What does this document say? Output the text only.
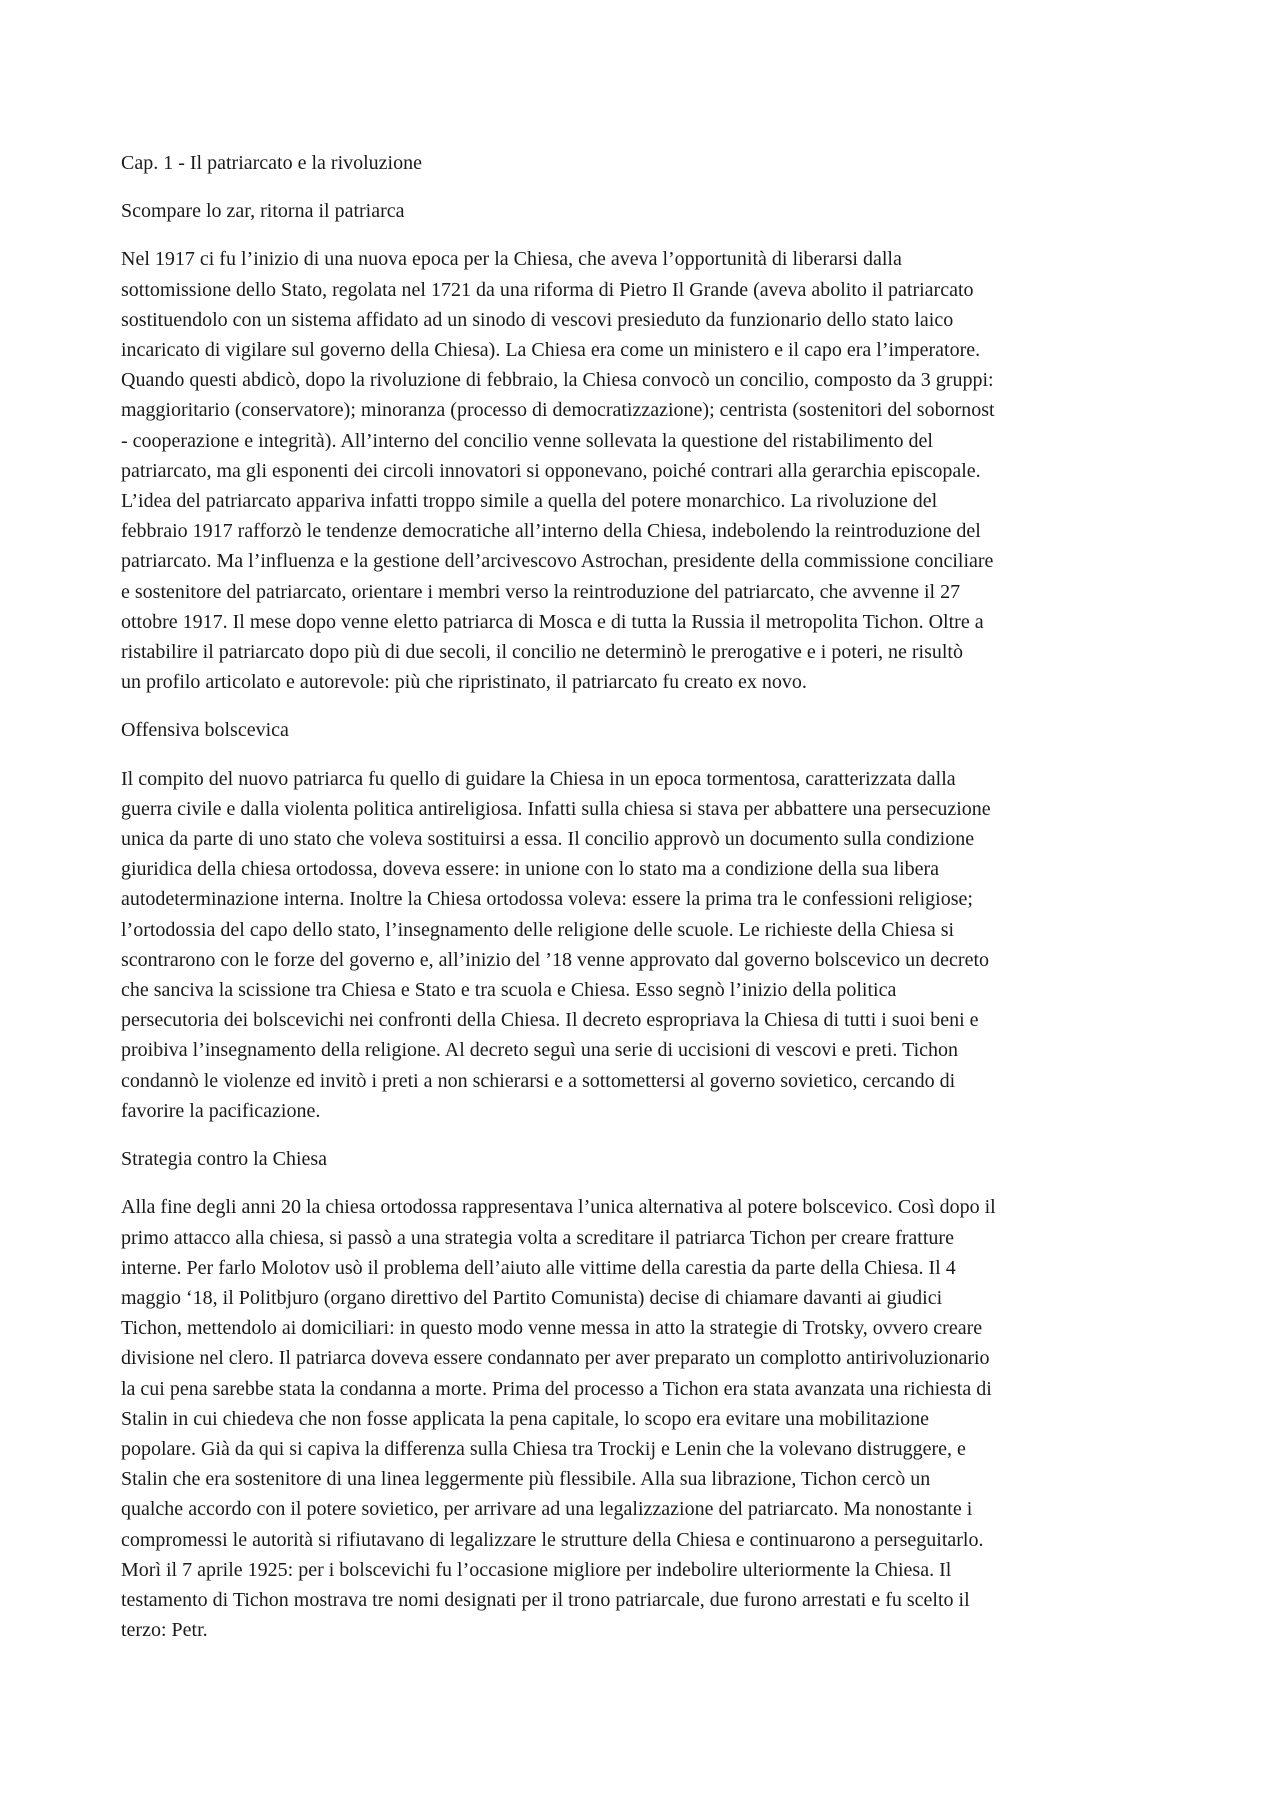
Cap. 1 - Il patriarcato e la rivoluzione
Scompare lo zar, ritorna il patriarca
Nel 1917 ci fu l’inizio di una nuova epoca per la Chiesa, che aveva l’opportunità di liberarsi dalla
sottomissione dello Stato, regolata nel 1721 da una riforma di Pietro Il Grande (aveva abolito il patriarcato
sostituendolo con un sistema affidato ad un sinodo di vescovi presieduto da funzionario dello stato laico
incaricato di vigilare sul governo della Chiesa). La Chiesa era come un ministero e il capo era l’imperatore.
Quando questi abdicò, dopo la rivoluzione di febbraio, la Chiesa convocò un concilio, composto da 3 gruppi:
maggioritario (conservatore); minoranza (processo di democratizzazione); centrista (sostenitori del sobornost
- cooperazione e integrità). All’interno del concilio venne sollevata la questione del ristabilimento del
patriarcato, ma gli esponenti dei circoli innovatori si opponevano, poiché contrari alla gerarchia episcopale.
L’idea del patriarcato appariva infatti troppo simile a quella del potere monarchico. La rivoluzione del
febbraio 1917 rafforzò le tendenze democratiche all’interno della Chiesa, indebolendo la reintroduzione del
patriarcato. Ma l’influenza e la gestione dell’arcivescovo Astrochan, presidente della commissione conciliare
e sostenitore del patriarcato, orientare i membri verso la reintroduzione del patriarcato, che avvenne il 27
ottobre 1917. Il mese dopo venne eletto patriarca di Mosca e di tutta la Russia il metropolita Tichon. Oltre a
ristabilire il patriarcato dopo più di due secoli, il concilio ne determinò le prerogative e i poteri, ne risultò
un profilo articolato e autorevole: più che ripristinato, il patriarcato fu creato ex novo.
Offensiva bolscevica
Il compito del nuovo patriarca fu quello di guidare la Chiesa in un epoca tormentosa, caratterizzata dalla
guerra civile e dalla violenta politica antireligiosa. Infatti sulla chiesa si stava per abbattere una persecuzione
unica da parte di uno stato che voleva sostituirsi a essa. Il concilio approvò un documento sulla condizione
giuridica della chiesa ortodossa, doveva essere: in unione con lo stato ma a condizione della sua libera
autodeterminazione interna. Inoltre la Chiesa ortodossa voleva: essere la prima tra le confessioni religiose;
l’ortodossia del capo dello stato, l’insegnamento delle religione delle scuole. Le richieste della Chiesa si
scontrarono con le forze del governo e, all’inizio del ’18 venne approvato dal governo bolscevico un decreto
che sanciva la scissione tra Chiesa e Stato e tra scuola e Chiesa. Esso segnò l’inizio della politica
persecutoria dei bolscevichi nei confronti della Chiesa. Il decreto espropriava la Chiesa di tutti i suoi beni e
proibiva l’insegnamento della religione. Al decreto seguì una serie di uccisioni di vescovi e preti. Tichon
condannò le violenze ed invitò i preti a non schierarsi e a sottomettersi al governo sovietico, cercando di
favorire la pacificazione.
Strategia contro la Chiesa
Alla fine degli anni 20 la chiesa ortodossa rappresentava l’unica alternativa al potere bolscevico. Così dopo il
primo attacco alla chiesa, si passò a una strategia volta a screditare il patriarca Tichon per creare fratture
interne. Per farlo Molotov usò il problema dell’aiuto alle vittime della carestia da parte della Chiesa. Il 4
maggio ‘18, il Politbjuro (organo direttivo del Partito Comunista) decise di chiamare davanti ai giudici
Tichon, mettendolo ai domiciliari: in questo modo venne messa in atto la strategie di Trotsky, ovvero creare
divisione nel clero. Il patriarca doveva essere condannato per aver preparato un complotto antirivoluzionario
la cui pena sarebbe stata la condanna a morte. Prima del processo a Tichon era stata avanzata una richiesta di
Stalin in cui chiedeva che non fosse applicata la pena capitale, lo scopo era evitare una mobilitazione
popolare. Già da qui si capiva la differenza sulla Chiesa tra Trockij e Lenin che la volevano distruggere, e
Stalin che era sostenitore di una linea leggermente più flessibile. Alla sua librazione, Tichon cercò un
qualche accordo con il potere sovietico, per arrivare ad una legalizzazione del patriarcato. Ma nonostante i
compromessi le autorità si rifiutavano di legalizzare le strutture della Chiesa e continuarono a perseguitarlo.
Morì il 7 aprile 1925: per i bolscevichi fu l’occasione migliore per indebolire ulteriormente la Chiesa. Il
testamento di Tichon mostrava tre nomi designati per il trono patriarcale, due furono arrestati e fu scelto il
terzo: Petr.
